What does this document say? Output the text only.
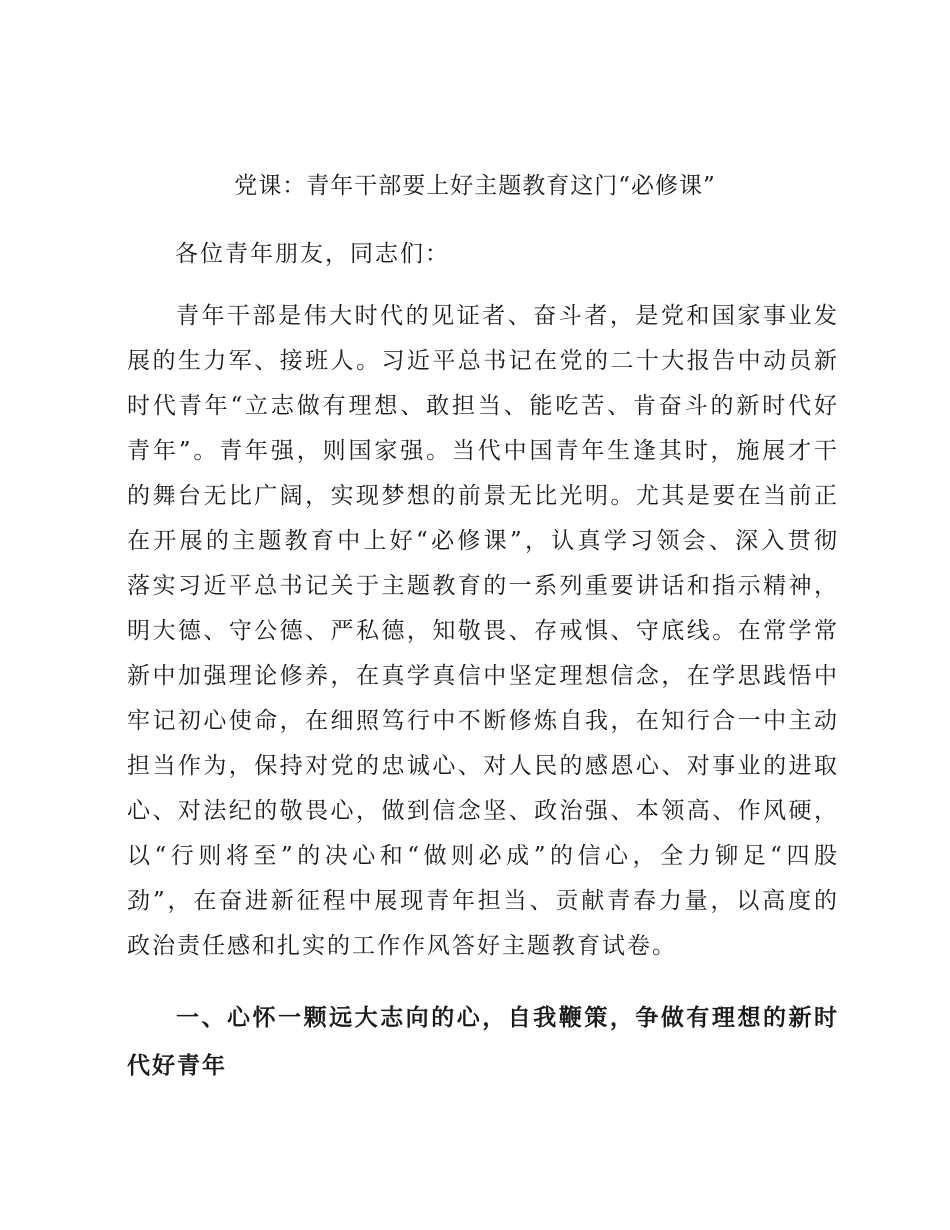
党课：青年干部要上好主题教育这门“必修课”
各位青年朋友，同志们：
青年干部是伟大时代的见证者、奋斗者，是党和国家事业发
展的生力军、接班人。习近平总书记在党的二十大报告中动员新
时代青年“立志做有理想、敢担当、能吃苦、肯奋斗的新时代好
青年”。青年强，则国家强。当代中国青年生逢其时，施展才干
的舞台无比广阔，实现梦想的前景无比光明。尤其是要在当前正
在开展的主题教育中上好“必修课”，认真学习领会、深入贯彻
落实习近平总书记关于主题教育的一系列重要讲话和指示精神，
明大德、守公德、严私德，知敬畏、存戒惧、守底线。在常学常
新中加强理论修养，在真学真信中坚定理想信念，在学思践悟中
牢记初心使命，在细照笃行中不断修炼自我，在知行合一中主动
担当作为，保持对党的忠诚心、对人民的感恩心、对事业的进取
心、对法纪的敬畏心，做到信念坚、政治强、本领高、作风硬，
以“行则将至”的决心和“做则必成”的信心，全力铆足“四股
劲”，在奋进新征程中展现青年担当、贡献青春力量，以高度的
政治责任感和扎实的工作作风答好主题教育试卷。
一、心怀一颗远大志向的心，自我鞭策，争做有理想的新时
代好青年
